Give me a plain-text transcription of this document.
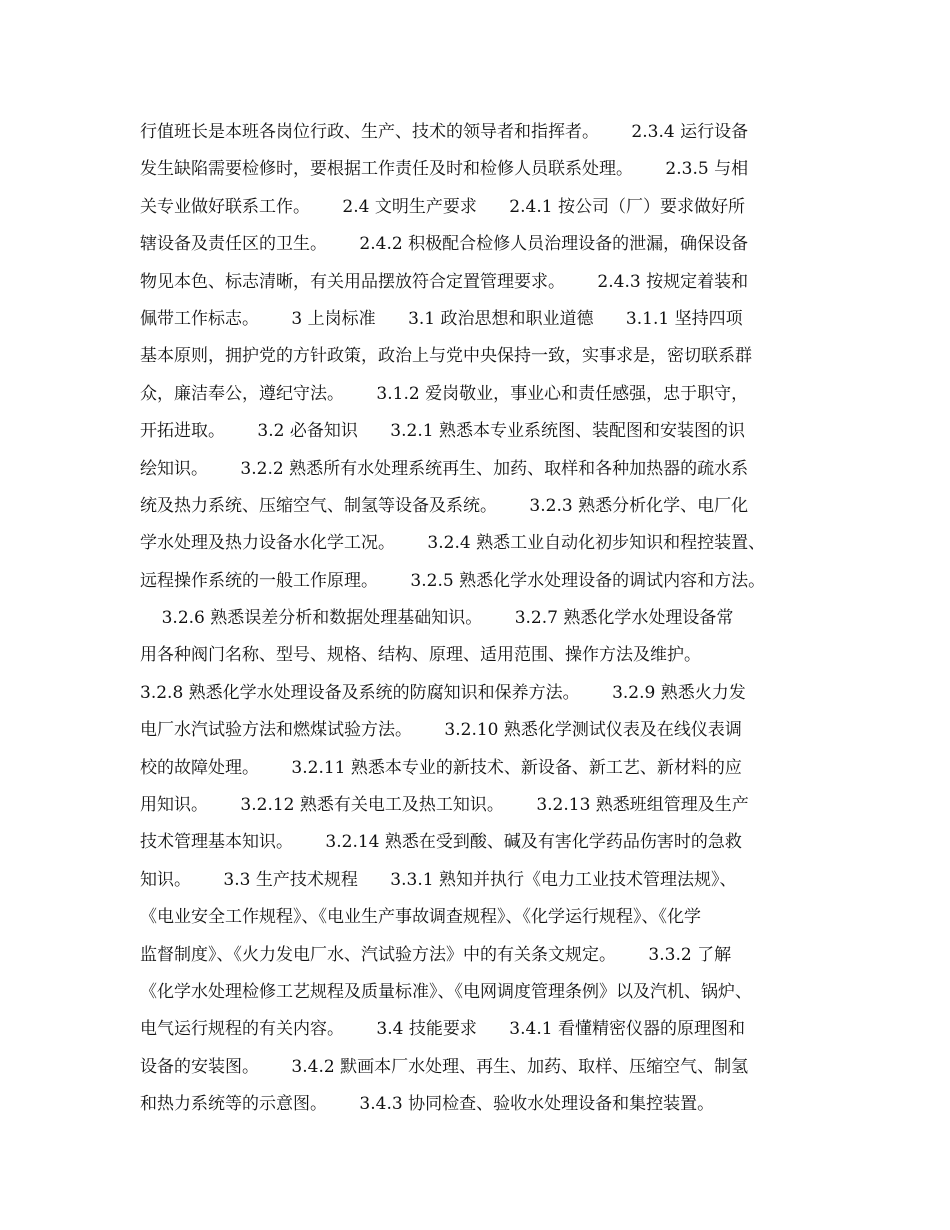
行值班长是本班各岗位行政、生产、技术的领导者和指挥者。      2.3.4 运行设备
发生缺陷需要检修时，要根据工作责任及时和检修人员联系处理。      2.3.5 与相
关专业做好联系工作。      2.4 文明生产要求      2.4.1 按公司（厂）要求做好所
辖设备及责任区的卫生。      2.4.2 积极配合检修人员治理设备的泄漏，确保设备
物见本色、标志清晰，有关用品摆放符合定置管理要求。      2.4.3 按规定着装和
佩带工作标志。      3 上岗标准      3.1 政治思想和职业道德      3.1.1 坚持四项
基本原则，拥护党的方针政策，政治上与党中央保持一致，实事求是，密切联系群
众，廉洁奉公，遵纪守法。      3.1.2 爱岗敬业，事业心和责任感强，忠于职守，
开拓进取。      3.2 必备知识      3.2.1 熟悉本专业系统图、装配图和安装图的识
绘知识。      3.2.2 熟悉所有水处理系统再生、加药、取样和各种加热器的疏水系
统及热力系统、压缩空气、制氢等设备及系统。      3.2.3 熟悉分析化学、电厂化
学水处理及热力设备水化学工况。      3.2.4 熟悉工业自动化初步知识和程控装置、
远程操作系统的一般工作原理。      3.2.5 熟悉化学水处理设备的调试内容和方法。
3.2.6 熟悉误差分析和数据处理基础知识。      3.2.7 熟悉化学水处理设备常
用各种阀门名称、型号、规格、结构、原理、适用范围、操作方法及维护。
3.2.8 熟悉化学水处理设备及系统的防腐知识和保养方法。      3.2.9 熟悉火力发
电厂水汽试验方法和燃煤试验方法。      3.2.10 熟悉化学测试仪表及在线仪表调
校的故障处理。      3.2.11 熟悉本专业的新技术、新设备、新工艺、新材料的应
用知识。      3.2.12 熟悉有关电工及热工知识。      3.2.13 熟悉班组管理及生产
技术管理基本知识。      3.2.14 熟悉在受到酸、碱及有害化学药品伤害时的急救
知识。      3.3 生产技术规程      3.3.1 熟知并执行《电力工业技术管理法规》、
《电业安全工作规程》、《电业生产事故调查规程》、《化学运行规程》、《化学
监督制度》、《火力发电厂水、汽试验方法》中的有关条文规定。      3.3.2 了解
《化学水处理检修工艺规程及质量标准》、《电网调度管理条例》以及汽机、锅炉、
电气运行规程的有关内容。      3.4 技能要求      3.4.1 看懂精密仪器的原理图和
设备的安装图。      3.4.2 默画本厂水处理、再生、加药、取样、压缩空气、制氢
和热力系统等的示意图。      3.4.3 协同检查、验收水处理设备和集控装置。
